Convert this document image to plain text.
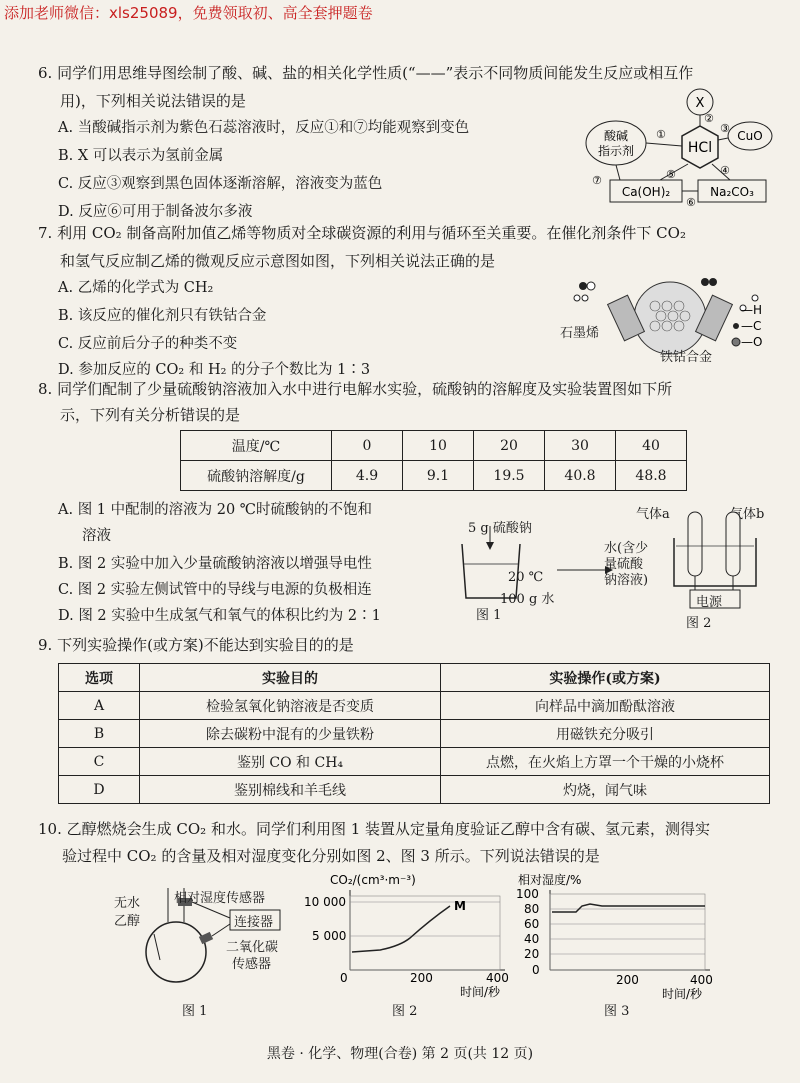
添加老师微信：xls25089，免费领取初、高全套押题卷
6. 同学们用思维导图绘制了酸、碱、盐的相关化学性质(“——”表示不同物质间能发生反应或相互作
用)，下列相关说法错误的是
A. 当酸碱指示剂为紫色石蕊溶液时，反应①和⑦均能观察到变色
B. X 可以表示为氢前金属
C. 反应③观察到黑色固体逐渐溶解，溶液变为蓝色
D. 反应⑥可用于制备波尔多液
HCl
X
酸碱
指示剂
CuO
Ca(OH)₂	Na₂CO₃
①
②
③
④
⑤
⑥
⑦
7. 利用 CO₂ 制备高附加值乙烯等物质对全球碳资源的利用与循环至关重要。在催化剂条件下 CO₂
和氢气反应制乙烯的微观反应示意图如图，下列相关说法正确的是
A. 乙烯的化学式为 CH₂
B. 该反应的催化剂只有铁钴合金
C. 反应前后分子的种类不变
D. 参加反应的 CO₂ 和 H₂ 的分子个数比为 1∶3
—H
—C
—O
石墨烯
铁钴合金
8. 同学们配制了少量硫酸钠溶液加入水中进行电解水实验，硫酸钠的溶解度及实验装置图如下所
示，下列有关分析错误的是
温度/℃	0	10	20	30	40
硫酸钠溶解度/g	4.9	9.1	19.5	40.8	48.8
A. 图 1 中配制的溶液为 20 ℃时硫酸钠的不饱和
溶液
B. 图 2 实验中加入少量硫酸钠溶液以增强导电性
C. 图 2 实验左侧试管中的导线与电源的负极相连
D. 图 2 实验中生成氢气和氧气的体积比约为 2∶1
5 g 硫酸钠
20 ℃
100 g 水
图 1
水(含少
量硫酸
钠溶液)
气体a	气体b
电源
图 2
9. 下列实验操作(或方案)不能达到实验目的的是
选项	实验目的	实验操作(或方案)
A	检验氢氧化钠溶液是否变质	向样品中滴加酚酞溶液
B	除去碳粉中混有的少量铁粉	用磁铁充分吸引
C	鉴别 CO 和 CH₄	点燃，在火焰上方罩一个干燥的小烧杯
D	鉴别棉线和羊毛线	灼烧，闻气味
10. 乙醇燃烧会生成 CO₂ 和水。同学们利用图 1 装置从定量角度验证乙醇中含有碳、氢元素，测得实
验过程中 CO₂ 的含量及相对湿度变化分别如图 2、图 3 所示。下列说法错误的是
无水
乙醇
相对湿度传感器
连接器
二氧化碳
传感器
图 1
CO₂/(cm³·m⁻³)
10 000
5 000
0	200	400
时间/秒
M
图 2
相对湿度/%
100
80
60
40
20
0
200	400
时间/秒
图 3
黑卷 · 化学、物理(合卷) 第 2 页(共 12 页)
